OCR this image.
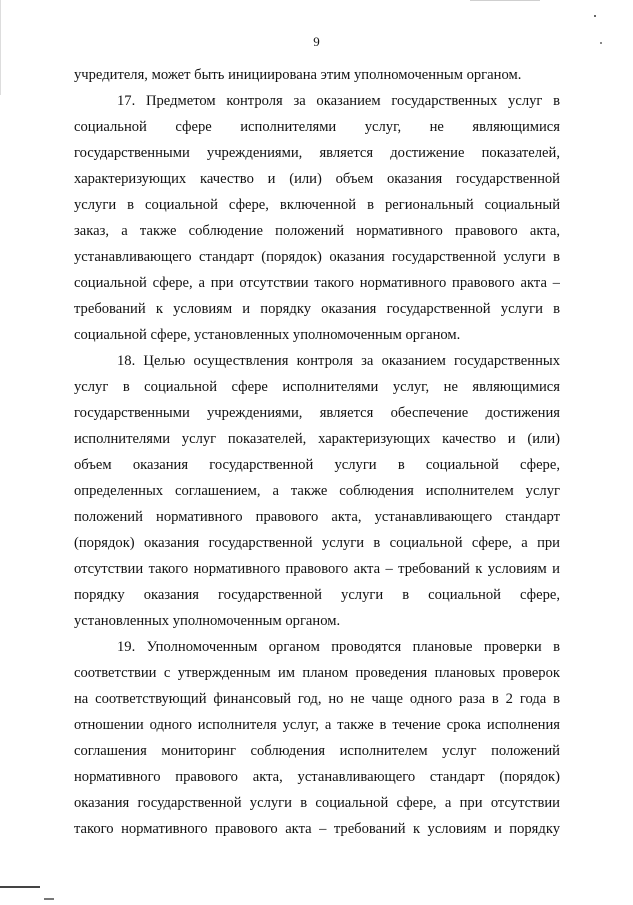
9
учредителя, может быть инициирована этим уполномоченным органом.
17. Предметом контроля за оказанием государственных услуг в
социальной сфере исполнителями услуг, не являющимися
государственными учреждениями, является достижение показателей,
характеризующих качество и (или) объем оказания государственной
услуги в социальной сфере, включенной в региональный социальный
заказ, а также соблюдение положений нормативного правового акта,
устанавливающего стандарт (порядок) оказания государственной услуги в
социальной сфере, а при отсутствии такого нормативного правового акта –
требований к условиям и порядку оказания государственной услуги в
социальной сфере, установленных уполномоченным органом.
18. Целью осуществления контроля за оказанием государственных
услуг в социальной сфере исполнителями услуг, не являющимися
государственными учреждениями, является обеспечение достижения
исполнителями услуг показателей, характеризующих качество и (или)
объем оказания государственной услуги в социальной сфере,
определенных соглашением, а также соблюдения исполнителем услуг
положений нормативного правового акта, устанавливающего стандарт
(порядок) оказания государственной услуги в социальной сфере, а при
отсутствии такого нормативного правового акта – требований к условиям и
порядку оказания государственной услуги в социальной сфере,
установленных уполномоченным органом.
19. Уполномоченным органом проводятся плановые проверки в
соответствии с утвержденным им планом проведения плановых проверок
на соответствующий финансовый год, но не чаще одного раза в 2 года в
отношении одного исполнителя услуг, а также в течение срока исполнения
соглашения мониторинг соблюдения исполнителем услуг положений
нормативного правового акта, устанавливающего стандарт (порядок)
оказания государственной услуги в социальной сфере, а при отсутствии
такого нормативного правового акта – требований к условиям и порядку
